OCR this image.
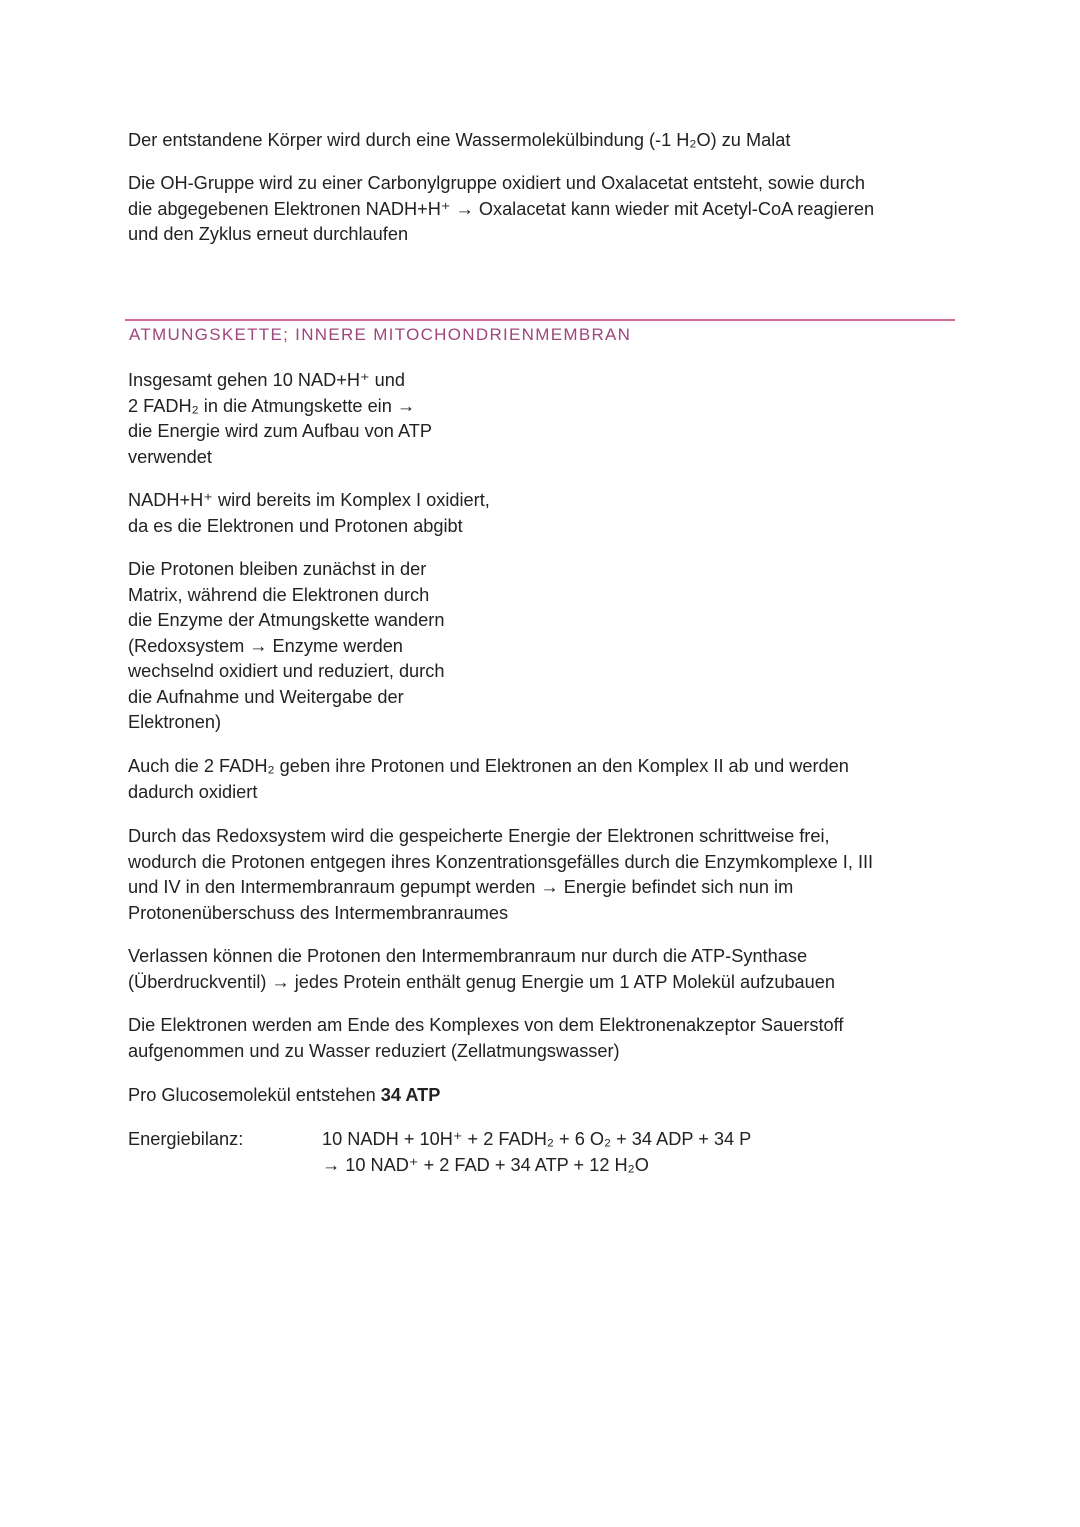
Der entstandene Körper wird durch eine Wassermolekülbindung (-1 H₂O) zu Malat

Die OH-Gruppe wird zu einer Carbonylgruppe oxidiert und Oxalacetat entsteht, sowie durch
die abgegebenen Elektronen NADH+H⁺ → Oxalacetat kann wieder mit Acetyl-CoA reagieren
und den Zyklus erneut durchlaufen
ATMUNGSKETTE; INNERE MITOCHONDRIENMEMBRAN
Insgesamt gehen 10 NAD+H⁺ und
2 FADH₂ in die Atmungskette ein →
die Energie wird zum Aufbau von ATP
verwendet
NADH+H⁺ wird bereits im Komplex I oxidiert,
da es die Elektronen und Protonen abgibt
Die Protonen bleiben zunächst in der
Matrix, während die Elektronen durch
die Enzyme der Atmungskette wandern
(Redoxsystem → Enzyme werden
wechselnd oxidiert und reduziert, durch
die Aufnahme und Weitergabe der
Elektronen)
Auch die 2 FADH₂ geben ihre Protonen und Elektronen an den Komplex II ab und werden
dadurch oxidiert
Durch das Redoxsystem wird die gespeicherte Energie der Elektronen schrittweise frei,
wodurch die Protonen entgegen ihres Konzentrationsgefälles durch die Enzymkomplexe I, III
und IV in den Intermembranraum gepumpt werden → Energie befindet sich nun im
Protonenüberschuss des Intermembranraumes
Verlassen können die Protonen den Intermembranraum nur durch die ATP-Synthase
(Überdruckventil) → jedes Protein enthält genug Energie um 1 ATP Molekül aufzubauen
Die Elektronen werden am Ende des Komplexes von dem Elektronenakzeptor Sauerstoff
aufgenommen und zu Wasser reduziert (Zellatmungswasser)

Pro Glucosemolekül entstehen 34 ATP

Energiebilanz:	10 NADH + 10H⁺ + 2 FADH₂ + 6 O₂ + 34 ADP + 34 P
→ 10 NAD⁺ + 2 FAD + 34 ATP + 12 H₂O
